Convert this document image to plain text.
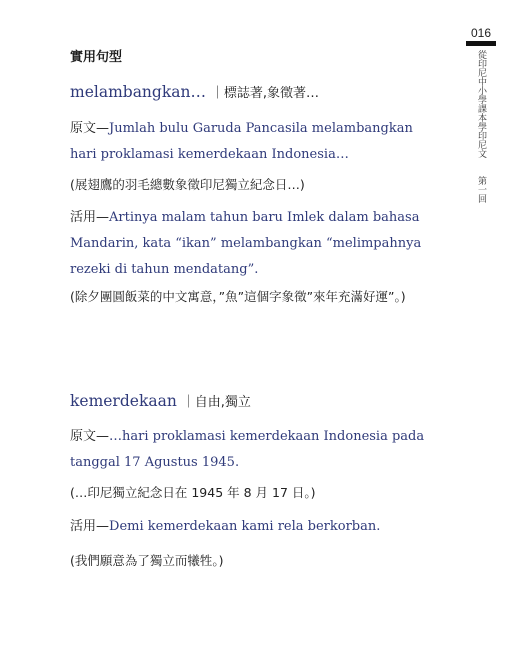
016
從印尼中小學課本學印尼文 第一回
實用句型
melambangkan… ｜標誌著,象徵著…
原文—Jumlah bulu Garuda Pancasila melambangkan hari proklamasi kemerdekaan Indonesia…
(展翅鷹的羽毛總數象徵印尼獨立紀念日…)
活用—Artinya malam tahun baru Imlek dalam bahasa Mandarin, kata “ikan” melambangkan “melimpahnya rezeki di tahun mendatang”.
(除夕團圓飯菜的中文寓意，”魚”這個字象徵”來年充滿好運”。)
kemerdekaan ｜自由,獨立
原文—…hari proklamasi kemerdekaan Indonesia pada tanggal 17 Agustus 1945.
(…印尼獨立紀念日在 1945 年 8 月 17 日。)
活用—Demi kemerdekaan kami rela berkorban.
(我們願意為了獨立而犧牲。)
